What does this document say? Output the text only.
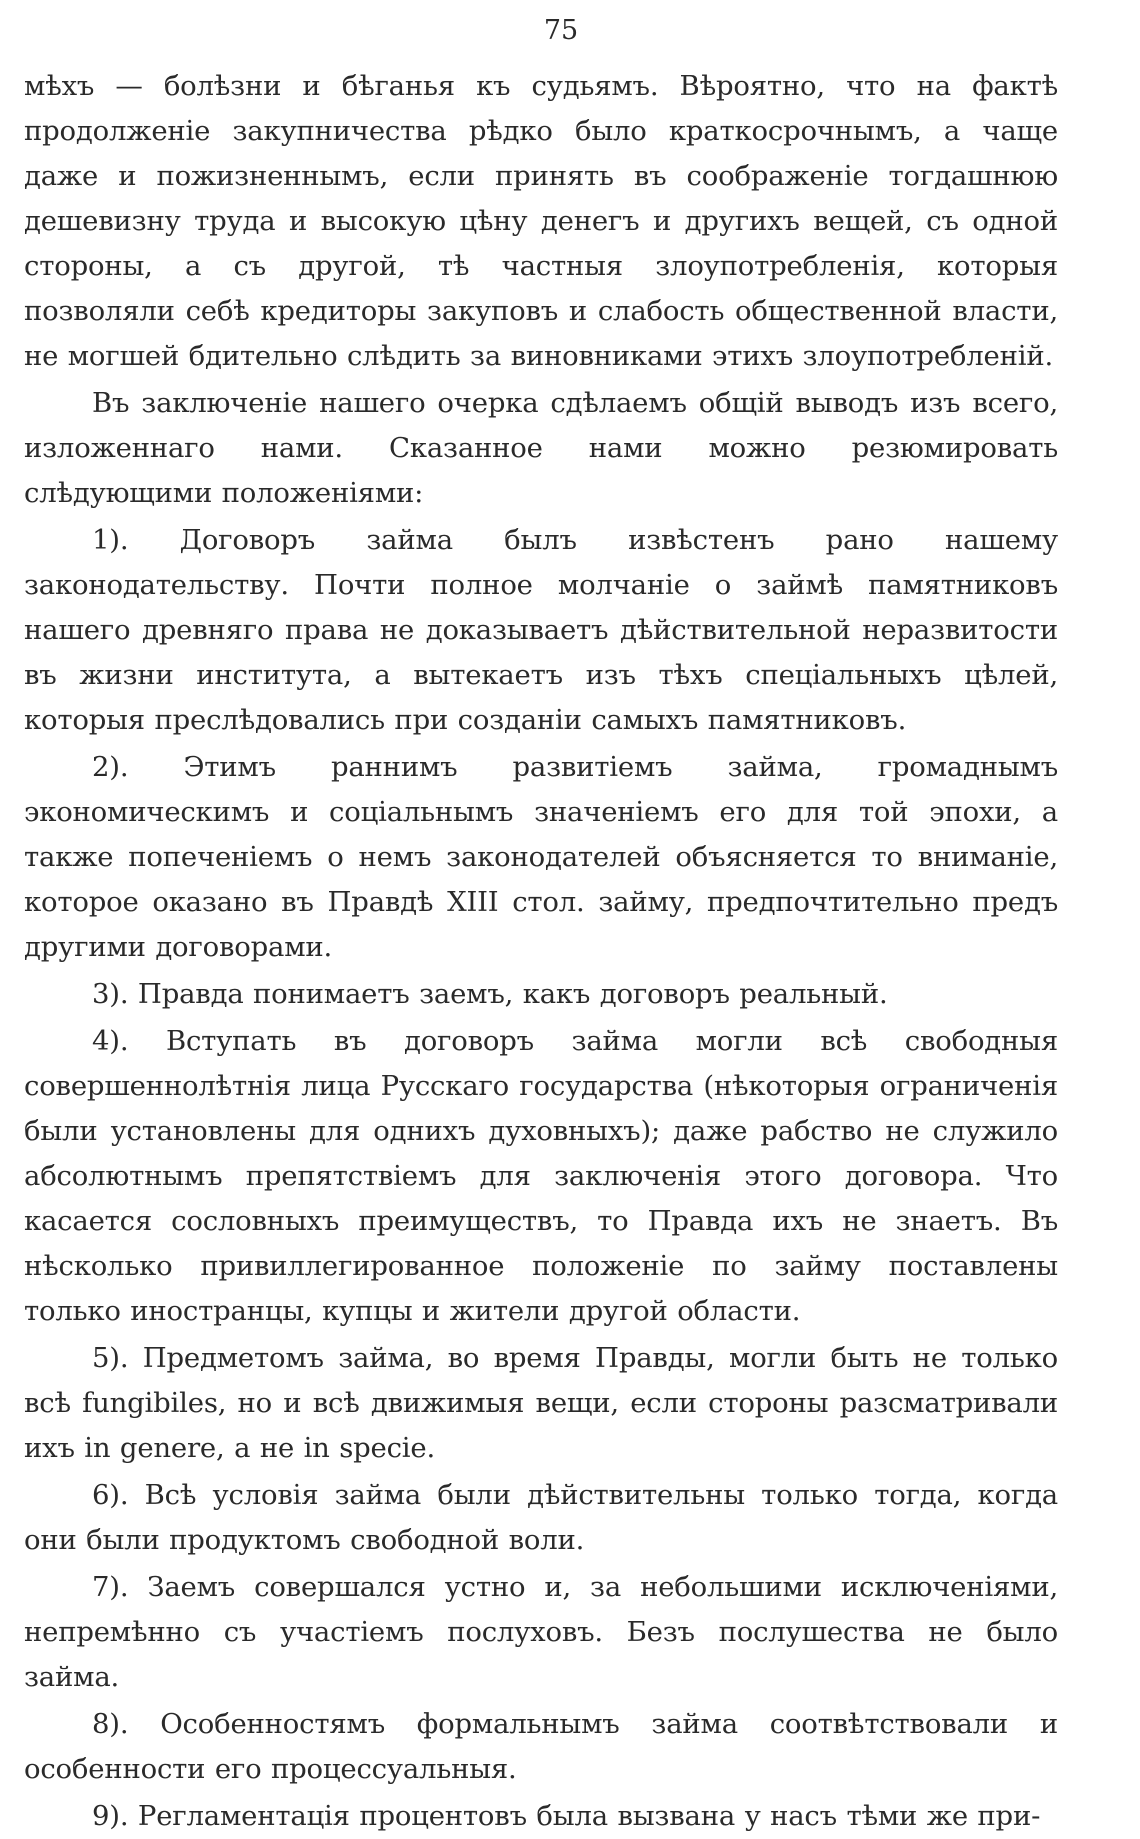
75

мѣхъ — болѣзни и бѣганья къ судьямъ. Вѣроятно, что на фактѣ продолженіе закупничества рѣдко было краткосрочнымъ, а чаще даже и пожизненнымъ, если принять въ соображеніе тогдашнюю дешевизну труда и высокую цѣну денегъ и другихъ вещей, съ одной стороны, а съ другой, тѣ частныя злоупотребленія, которыя позволяли себѣ кредиторы закуповъ и слабость общественной власти, не могшей бдительно слѣдить за виновниками этихъ злоупотребленій.

Въ заключеніе нашего очерка сдѣлаемъ общій выводъ изъ всего, изложеннаго нами. Сказанное нами можно резюмировать слѣдующими положеніями:

1). Договоръ займа былъ извѣстенъ рано нашему законодательству. Почти полное молчаніе о займѣ памятниковъ нашего древняго права не доказываетъ дѣйствительной неразвитости въ жизни института, а вытекаетъ изъ тѣхъ спеціальныхъ цѣлей, которыя преслѣдовались при созданіи самыхъ памятниковъ.

2). Этимъ раннимъ развитіемъ займа, громаднымъ экономическимъ и соціальнымъ значеніемъ его для той эпохи, а также попеченіемъ о немъ законодателей объясняется то вниманіе, которое оказано въ Правдѣ XIII стол. займу, предпочтительно предъ другими договорами.

3). Правда понимаетъ заемъ, какъ договоръ реальный.

4). Вступать въ договоръ займа могли всѣ свободныя совершеннолѣтнія лица Русскаго государства (нѣкоторыя ограниченія были установлены для однихъ духовныхъ); даже рабство не служило абсолютнымъ препятствіемъ для заключенія этого договора. Что касается сословныхъ преимуществъ, то Правда ихъ не знаетъ. Въ нѣсколько привиллегированное положеніе по займу поставлены только иностранцы, купцы и жители другой области.

5). Предметомъ займа, во время Правды, могли быть не только всѣ fungibiles, но и всѣ движимыя вещи, если стороны разсматривали ихъ in genere, а не in specie.

6). Всѣ условія займа были дѣйствительны только тогда, когда они были продуктомъ свободной воли.

7). Заемъ совершался устно и, за небольшими исключеніями, непремѣнно съ участіемъ послуховъ. Безъ послушества не было займа.

8). Особенностямъ формальнымъ займа соотвѣтствовали и особенности его процессуальныя.

9). Регламентація процентовъ была вызвана у насъ тѣми же при-
